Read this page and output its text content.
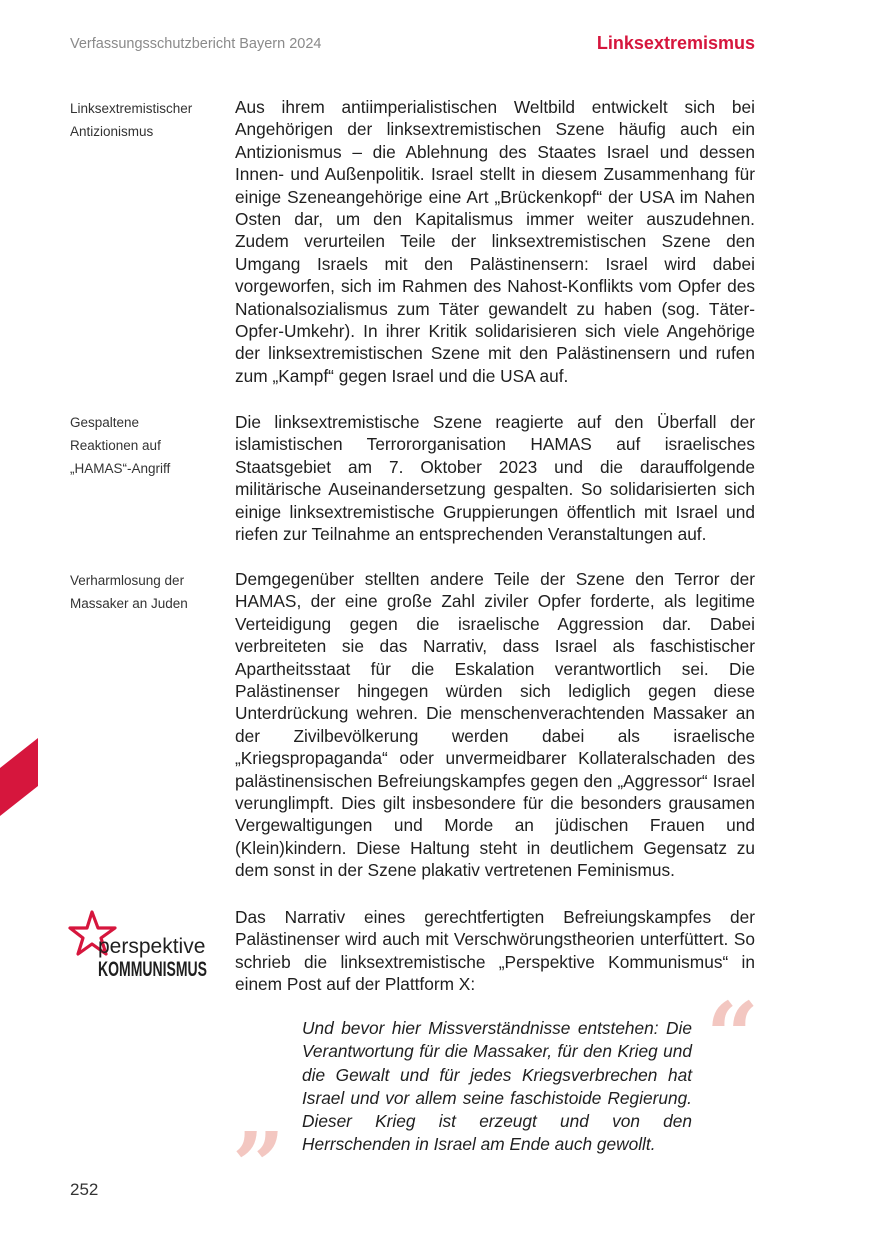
Verfassungsschutzbericht Bayern 2024	Linksextremismus
Linksextremistischer
Antizionismus
Aus ihrem antiimperialistischen Weltbild entwickelt sich bei Angehörigen der linksextremistischen Szene häufig auch ein Antizionismus – die Ablehnung des Staates Israel und dessen Innen- und Außenpolitik. Israel stellt in diesem Zusammenhang für einige Szeneangehörige eine Art „Brückenkopf“ der USA im Nahen Osten dar, um den Kapitalismus immer weiter auszudehnen. Zudem verurteilen Teile der linksextremistischen Szene den Umgang Israels mit den Palästinensern: Israel wird dabei vorgeworfen, sich im Rahmen des Nahost-Konflikts vom Opfer des Nationalsozialismus zum Täter gewandelt zu haben (sog. Täter-Opfer-Umkehr). In ihrer Kritik solidarisieren sich viele Angehörige der linksextremistischen Szene mit den Palästinensern und rufen zum „Kampf“ gegen Israel und die USA auf.
Gespaltene
Reaktionen auf
„HAMAS“-Angriff
Die linksextremistische Szene reagierte auf den Überfall der islamistischen Terrororganisation HAMAS auf israelisches Staatsgebiet am 7. Oktober 2023 und die darauffolgende militärische Auseinandersetzung gespalten. So solidarisierten sich einige linksextremistische Gruppierungen öffentlich mit Israel und riefen zur Teilnahme an entsprechenden Veranstaltungen auf.
Verharmlosung der
Massaker an Juden
Demgegenüber stellten andere Teile der Szene den Terror der HAMAS, der eine große Zahl ziviler Opfer forderte, als legitime Verteidigung gegen die israelische Aggression dar. Dabei verbreiteten sie das Narrativ, dass Israel als faschistischer Apartheitsstaat für die Eskalation verantwortlich sei. Die Palästinenser hingegen würden sich lediglich gegen diese Unterdrückung wehren. Die menschenverachtenden Massaker an der Zivilbevölkerung werden dabei als israelische „Kriegspropaganda“ oder unvermeidbarer Kollateralschaden des palästinensischen Befreiungskampfes gegen den „Aggressor“ Israel verunglimpft. Dies gilt insbesondere für die besonders grausamen Vergewaltigungen und Morde an jüdischen Frauen und (Klein)kindern. Diese Haltung steht in deutlichem Gegensatz zu dem sonst in der Szene plakativ vertretenen Feminismus.
perspektive
KOMMUNISMUS
Das Narrativ eines gerechtfertigten Befreiungskampfes der Palästinenser wird auch mit Verschwörungstheorien unterfüttert. So schrieb die linksextremistische „Perspektive Kommunismus“ in einem Post auf der Plattform X:	“
Und bevor hier Missverständnisse entstehen: Die Verantwortung für die Massaker, für den Krieg und die Gewalt und für jedes Kriegsverbrechen hat Israel und vor allem seine faschistoide Regierung. Dieser Krieg ist erzeugt und von den Herrschenden in Israel am Ende auch gewollt.
”
252
